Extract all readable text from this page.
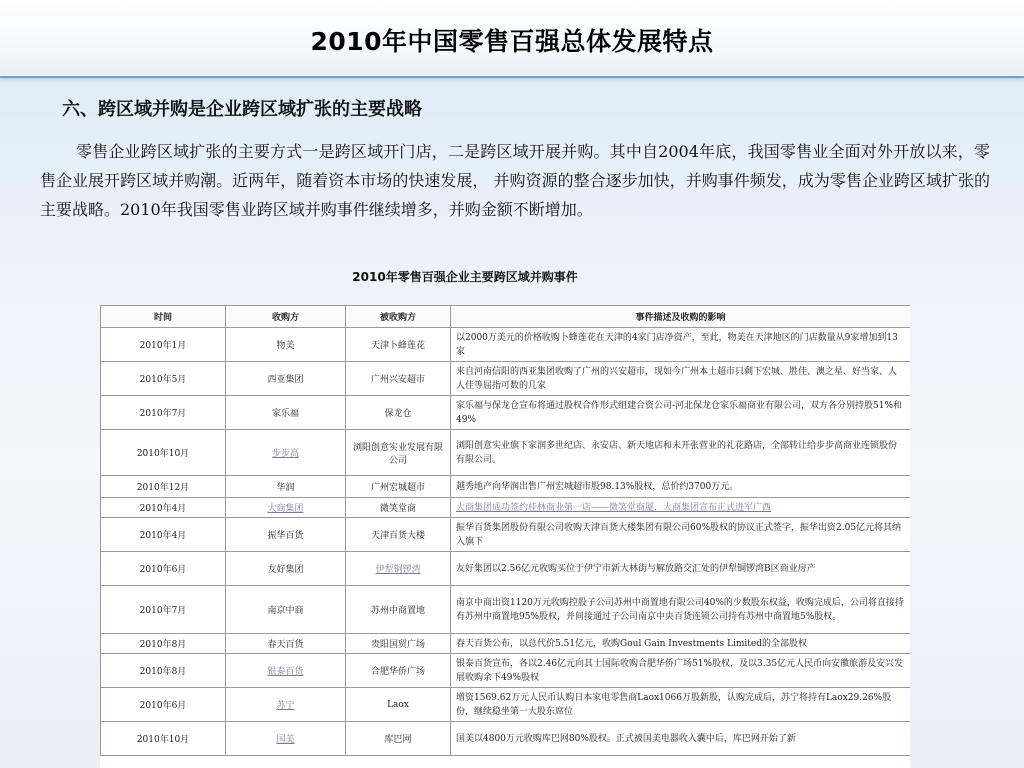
2010年中国零售百强总体发展特点
六、跨区域并购是企业跨区域扩张的主要战略
零售企业跨区域扩张的主要方式一是跨区域开门店，二是跨区域开展并购。其中自2004年底，我国零售业全面对外开放以来，零售企业展开跨区域并购潮。近两年，随着资本市场的快速发展， 并购资源的整合逐步加快，并购事件频发，成为零售企业跨区域扩张的主要战略。2010年我国零售业跨区域并购事件继续增多，并购金额不断增加。
2010年零售百强企业主要跨区域并购事件
时间	收购方	被收购方	事件描述及收购的影响
2010年1月	物美	天津卜蜂莲花	以2000万美元的价格收购卜蜂莲花在天津的4家门店净资产，至此，物美在天津地区的门店数量从9家增加到13家
2010年5月	西亚集团	广州兴安超市	来自河南信阳的西亚集团收购了广州的兴安超市，现如今广州本土超市只剩下宏城、胜佳、澳之星、好当家、人人佳等屈指可数的几家
2010年7月	家乐福	保龙仓	家乐福与保龙仓宣布将通过股权合作形式组建合资公司-河北保龙仓家乐福商业有限公司，双方各分别持股51%和49%
2010年10月	步步高	浏阳创意实业发展有限公司	浏阳创意实业旗下家润多世纪店、永安店、新天地店和未开张营业的礼花路店，全部转让给步步高商业连锁股份有限公司。
2010年12月	华润	广州宏城超市	越秀地产向华润出售广州宏城超市股98.13%股权，总价约3700万元。
2010年4月	大商集团	微笑堂商	大商集团成功签约桂林商业第一店——微笑堂商厦，大商集团宣布正式进军广西
2010年4月	振华百货	天津百货大楼	振华百货集团股份有限公司收购天津百货大楼集团有限公司60%股权的协议正式签字，振华出资2.05亿元将其纳入旗下
2010年6月	友好集团	伊犁铜锣湾	友好集团以2.56亿元收购买位于伊宁市新大林街与解放路交汇处的伊犁铜锣湾B区商业房产
2010年7月	南京中商	苏州中商置地	南京中商出资1120万元收购控股子公司苏州中商置地有限公司40%的少数股东权益，收购完成后，公司将直接持有苏州中商置地95%股权，并间接通过子公司南京中央百货连锁公司持有苏州中商置地5%股权。
2010年8月	春天百货	贵阳国贸广场	春天百货公布，以总代价5.51亿元，收购Goul Gain Investments Limited的全部股权
2010年8月	银泰百货	合肥华侨广场	银泰百货宣布，各以2.46亿元向其士国际收购合肥华侨广场51%股权，及以3.35亿元人民币向安徽旅游及安兴发展收购余下49%股权
2010年6月	苏宁	Laox	增资1569.62万元人民币认购日本家电零售商Laox1066万股新股，认购完成后，苏宁将持有Laox29.26%股份，继续稳坐第一大股东席位
2010年10月	国美	库巴网	国美以4800万元收购库巴网80%股权。正式被国美电器收入囊中后，库巴网开始了新
